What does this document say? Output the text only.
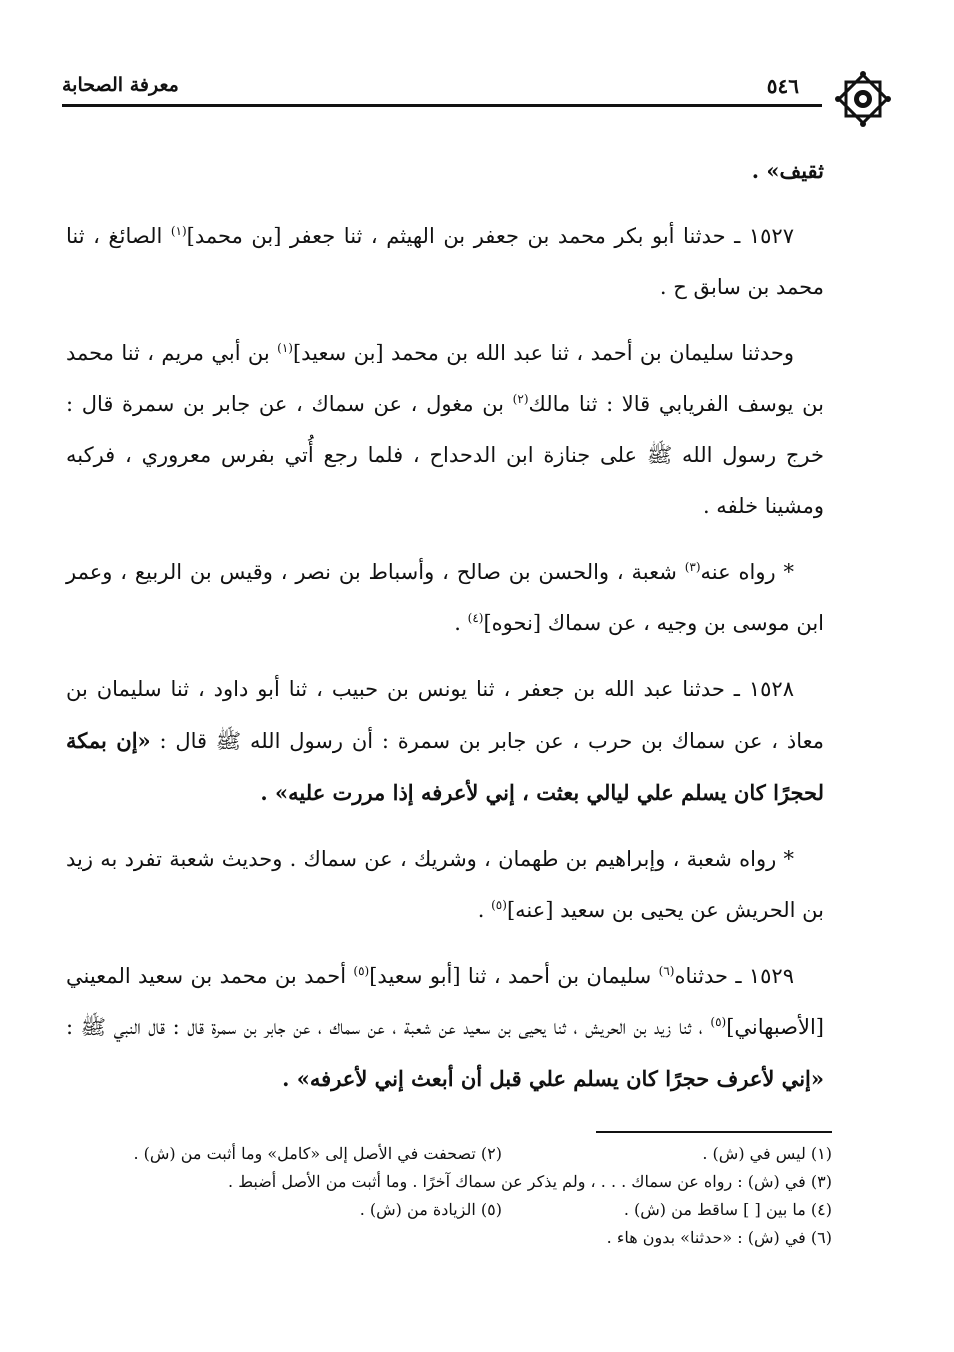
٥٤٦
معرفة الصحابة

ثقيف» .

١٥٢٧ ـ حدثنا أبو بكر محمد بن جعفر بن الهيثم ، ثنا جعفر [بن محمد]$^{(١)}$ الصائغ ، ثنا محمد بن سابق ح .

وحدثنا سليمان بن أحمد ، ثنا عبد الله بن محمد [بن سعيد]$^{(١)}$ بن أبي مريم ، ثنا محمد بن يوسف الفريابي قالا : ثنا مالك$^{(٢)}$ بن مغول ، عن سماك ، عن جابر بن سمرة قال : خرج رسول الله ﷺ على جنازة ابن الدحداح ، فلما رجع أُتي بفرس معروري ، فركبه ومشينا خلفه .

* رواه عنه$^{(٣)}$ شعبة ، والحسن بن صالح ، وأسباط بن نصر ، وقيس بن الربيع ، وعمر ابن موسى بن وجيه ، عن سماك [نحوه]$^{(٤)}$ .

١٥٢٨ ـ حدثنا عبد الله بن جعفر ، ثنا يونس بن حبيب ، ثنا أبو داود ، ثنا سليمان بن معاذ ، عن سماك بن حرب ، عن جابر بن سمرة : أن رسول الله ﷺ قال : «إن بمكة لحجرًا كان يسلم علي ليالي بعثت ، إني لأعرفه إذا مررت عليه» .

* رواه شعبة ، وإبراهيم بن طهمان ، وشريك ، عن سماك . وحديث شعبة تفرد به زيد بن الحريش عن يحيى بن سعيد [عنه]$^{(٥)}$ .

١٥٢٩ ـ حدثناه$^{(٦)}$ سليمان بن أحمد ، ثنا [أبو سعيد]$^{(٥)}$ أحمد بن محمد بن سعيد المعيني [الأصبهاني]$^{(٥)}$ ، ثنا زيد بن الحريش ، ثنا يحيى بن سعيد عن شعبة ، عن سماك ، عن جابر بن سمرة قال : قال النبي ﷺ : «إني لأعرف حجرًا كان يسلم علي قبل أن أبعث إني لأعرفه» .

(١) ليس في (ش) .
(٢) تصحفت في الأصل إلى «كامل» وما أثبت من (ش) .
(٣) في (ش) : رواه عن سماك . . . ، ولم يذكر عن سماك آخرًا . وما أثبت من الأصل أضبط .
(٤) ما بين [ ] ساقط من (ش) .
(٥) الزيادة من (ش) .
(٦) في (ش) : «حدثنا» بدون هاء .
